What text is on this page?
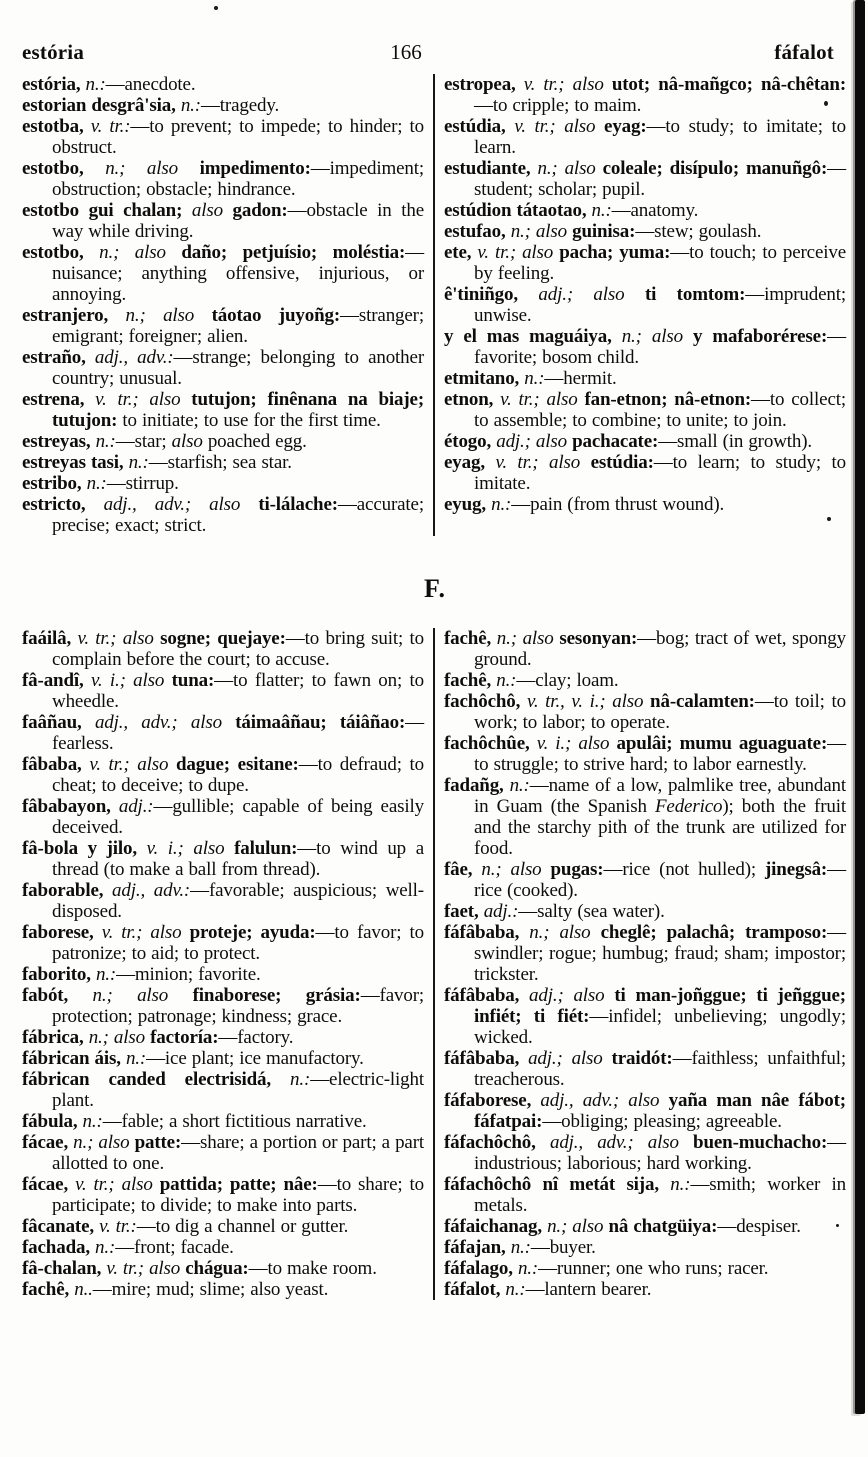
estória	166	fáfalot

estória, n.:—anecdote.

estorian desgrâ'sia, n.:—tragedy.

estotba, v. tr.:—to prevent; to impede; to hinder; to obstruct.

estotbo, n.; also impedimento:—impediment; obstruction; obstacle; hindrance.

estotbo gui chalan; also gadon:—obstacle in the way while driving.

estotbo, n.; also daño; petjuísio; moléstia:—nuisance; anything offensive, injurious, or annoying.

estranjero, n.; also táotao juyoñg:—stranger; emigrant; foreigner; alien.

estraño, adj., adv.:—strange; belonging to another country; unusual.

estrena, v. tr.; also tutujon; finênana na biaje; tutujon: to initiate; to use for the first time.

estreyas, n.:—star; also poached egg.

estreyas tasi, n.:—starfish; sea star.

estribo, n.:—stirrup.

estricto, adj., adv.; also ti-lálache:—accurate; precise; exact; strict.

estropea, v. tr.; also utot; nâ-mañgco; nâ-chêtan:—to cripple; to maim.

estúdia, v. tr.; also eyag:—to study; to imitate; to learn.

estudiante, n.; also coleale; disípulo; manuñgô:—student; scholar; pupil.

estúdion tátaotao, n.:—anatomy.

estufao, n.; also guinisa:—stew; goulash.

ete, v. tr.; also pacha; yuma:—to touch; to perceive by feeling.

ê'tiniñgo, adj.; also ti tomtom:—imprudent; unwise.

y el mas maguáiya, n.; also y mafaborérese:—favorite; bosom child.

etmitano, n.:—hermit.

etnon, v. tr.; also fan-etnon; nâ-etnon:—to collect; to assemble; to combine; to unite; to join.

étogo, adj.; also pachacate:—small (in growth).

eyag, v. tr.; also estúdia:—to learn; to study; to imitate.

eyug, n.:—pain (from thrust wound).

F.

faáilâ, v. tr.; also sogne; quejaye:—to bring suit; to complain before the court; to accuse.

fâ-andî, v. i.; also tuna:—to flatter; to fawn on; to wheedle.

faâñau, adj., adv.; also táimaâñau; táiâñao:—fearless.

fâbaba, v. tr.; also dague; esitane:—to defraud; to cheat; to deceive; to dupe.

fâbabayon, adj.:—gullible; capable of being easily deceived.

fâ-bola y jilo, v. i.; also falulun:—to wind up a thread (to make a ball from thread).

faborable, adj., adv.:—favorable; auspicious; well-disposed.

faborese, v. tr.; also proteje; ayuda:—to favor; to patronize; to aid; to protect.

faborito, n.:—minion; favorite.

fabót, n.; also finaborese; grásia:—favor; protection; patronage; kindness; grace.

fábrica, n.; also factoría:—factory.

fábrican áis, n.:—ice plant; ice manufactory.

fábrican canded electrisidá, n.:—electric-light plant.

fábula, n.:—fable; a short fictitious narrative.

fácae, n.; also patte:—share; a portion or part; a part allotted to one.

fácae, v. tr.; also pattida; patte; nâe:—to share; to participate; to divide; to make into parts.

fâcanate, v. tr.:—to dig a channel or gutter.

fachada, n.:—front; facade.

fâ-chalan, v. tr.; also chágua:—to make room.

fachê, n..—mire; mud; slime; also yeast.

fachê, n.; also sesonyan:—bog; tract of wet, spongy ground.

fachê, n.:—clay; loam.

fachôchô, v. tr., v. i.; also nâ-calamten:—to toil; to work; to labor; to operate.

fachôchûe, v. i.; also apulâi; mumu aguaguate:—to struggle; to strive hard; to labor earnestly.

fadañg, n.:—name of a low, palmlike tree, abundant in Guam (the Spanish Federico); both the fruit and the starchy pith of the trunk are utilized for food.

fâe, n.; also pugas:—rice (not hulled); jinegsâ:—rice (cooked).

faet, adj.:—salty (sea water).

fáfâbaba, n.; also cheglê; palachâ; tramposo:—swindler; rogue; humbug; fraud; sham; impostor; trickster.

fáfâbaba, adj.; also ti man-joñggue; ti jeñggue; infiét; ti fiét:—infidel; unbelieving; ungodly; wicked.

fáfâbaba, adj.; also traidót:—faithless; unfaithful; treacherous.

fáfaborese, adj., adv.; also yaña man nâe fábot; fáfatpai:—obliging; pleasing; agreeable.

fáfachôchô, adj., adv.; also buen-muchacho:—industrious; laborious; hard working.

fáfachôchô nî metát sija, n.:—smith; worker in metals.

fáfaichanag, n.; also nâ chatgüiya:—despiser.

fáfajan, n.:—buyer.

fáfalago, n.:—runner; one who runs; racer.

fáfalot, n.:—lantern bearer.
